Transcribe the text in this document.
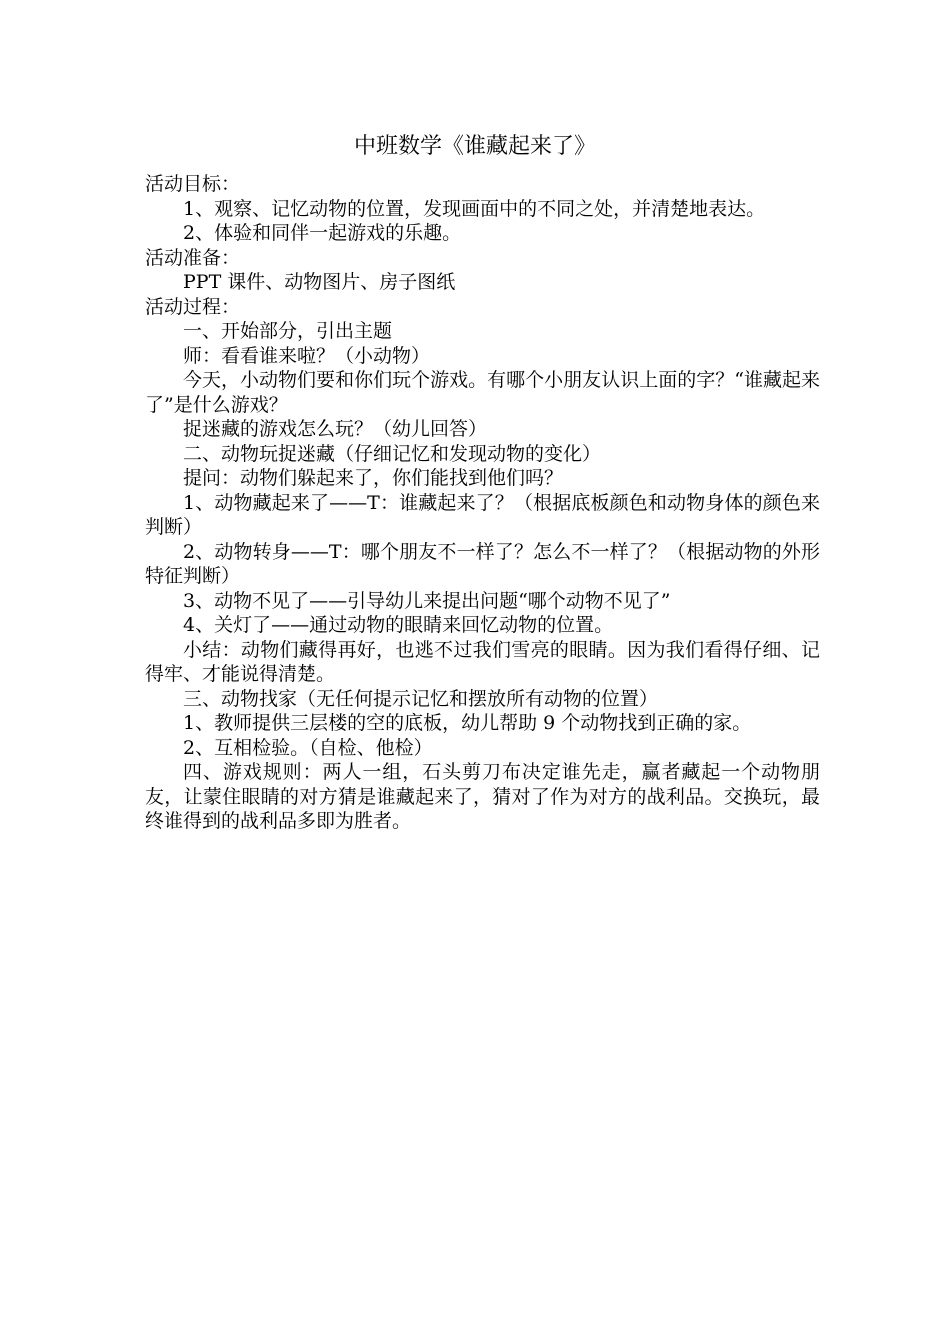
中班数学《谁藏起来了》

活动目标：

1、观察、记忆动物的位置，发现画面中的不同之处，并清楚地表达。

2、体验和同伴一起游戏的乐趣。

活动准备：

PPT 课件、动物图片、房子图纸

活动过程：

一、开始部分，引出主题

师：看看谁来啦？（小动物）

今天，小动物们要和你们玩个游戏。有哪个小朋友认识上面的字？“谁藏起来了”是什么游戏？

捉迷藏的游戏怎么玩？（幼儿回答）

二、动物玩捉迷藏（仔细记忆和发现动物的变化）

提问：动物们躲起来了，你们能找到他们吗？

1、动物藏起来了——T：谁藏起来了？（根据底板颜色和动物身体的颜色来判断）

2、动物转身——T：哪个朋友不一样了？怎么不一样了？（根据动物的外形特征判断）

3、动物不见了——引导幼儿来提出问题“哪个动物不见了”

4、关灯了——通过动物的眼睛来回忆动物的位置。

小结：动物们藏得再好，也逃不过我们雪亮的眼睛。因为我们看得仔细、记得牢、才能说得清楚。

三、动物找家（无任何提示记忆和摆放所有动物的位置）

1、教师提供三层楼的空的底板，幼儿帮助 9 个动物找到正确的家。

2、互相检验。（自检、他检）

四、游戏规则：两人一组，石头剪刀布决定谁先走，赢者藏起一个动物朋友，让蒙住眼睛的对方猜是谁藏起来了，猜对了作为对方的战利品。交换玩，最终谁得到的战利品多即为胜者。
